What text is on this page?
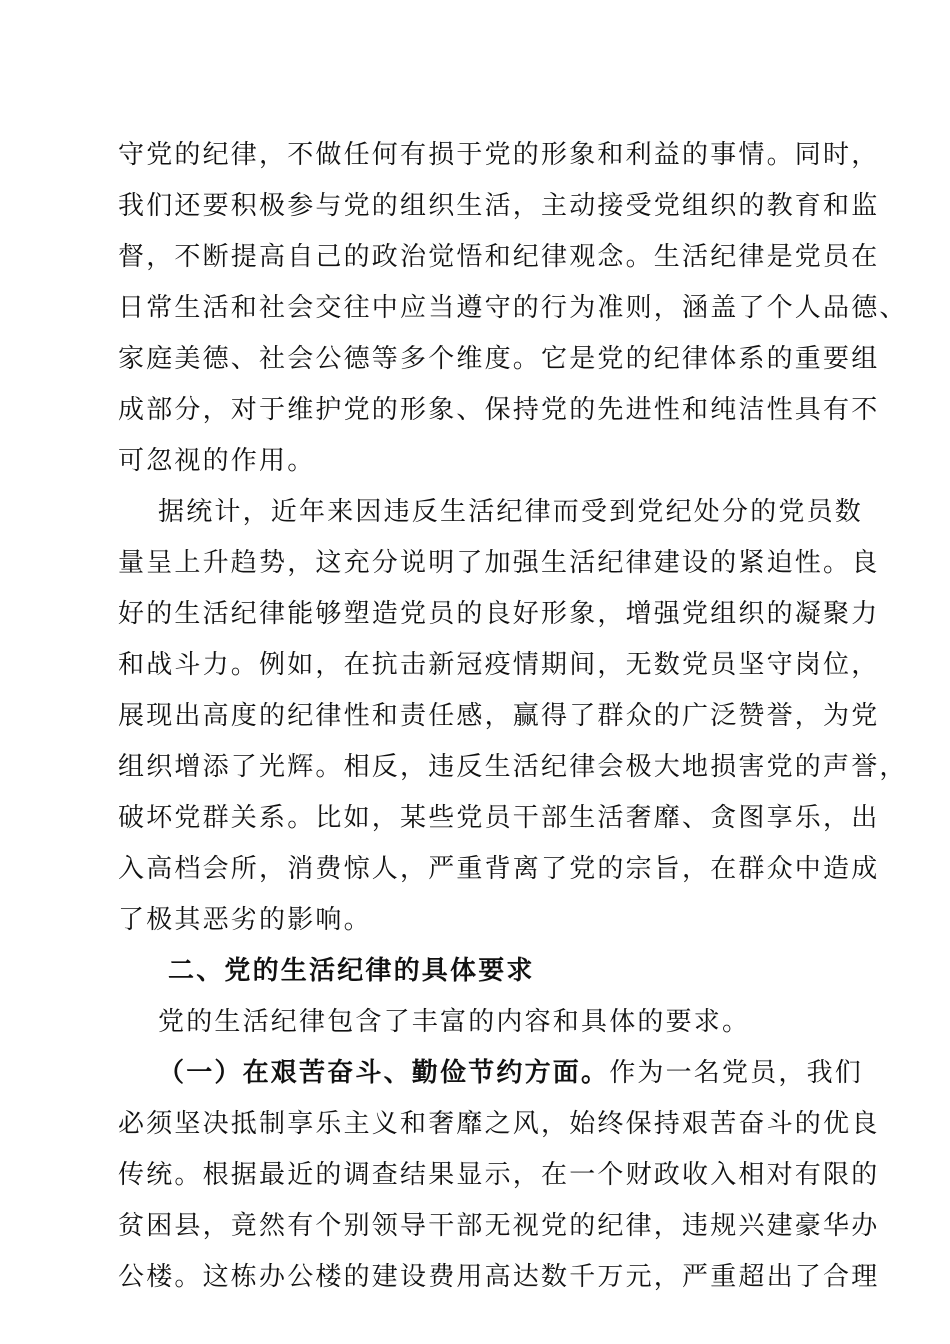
守党的纪律，不做任何有损于党的形象和利益的事情。同时，
我们还要积极参与党的组织生活，主动接受党组织的教育和监
督，不断提高自己的政治觉悟和纪律观念。生活纪律是党员在
日常生活和社会交往中应当遵守的行为准则，涵盖了个人品德、
家庭美德、社会公德等多个维度。它是党的纪律体系的重要组
成部分，对于维护党的形象、保持党的先进性和纯洁性具有不
可忽视的作用。
据统计，近年来因违反生活纪律而受到党纪处分的党员数
量呈上升趋势，这充分说明了加强生活纪律建设的紧迫性。良
好的生活纪律能够塑造党员的良好形象，增强党组织的凝聚力
和战斗力。例如，在抗击新冠疫情期间，无数党员坚守岗位，
展现出高度的纪律性和责任感，赢得了群众的广泛赞誉，为党
组织增添了光辉。相反，违反生活纪律会极大地损害党的声誉，
破坏党群关系。比如，某些党员干部生活奢靡、贪图享乐，出
入高档会所，消费惊人，严重背离了党的宗旨，在群众中造成
了极其恶劣的影响。
二、党的生活纪律的具体要求
党的生活纪律包含了丰富的内容和具体的要求。
（一）在艰苦奋斗、勤俭节约方面。作为一名党员，我们
必须坚决抵制享乐主义和奢靡之风，始终保持艰苦奋斗的优良
传统。根据最近的调查结果显示，在一个财政收入相对有限的
贫困县，竟然有个别领导干部无视党的纪律，违规兴建豪华办
公楼。这栋办公楼的建设费用高达数千万元，严重超出了合理
